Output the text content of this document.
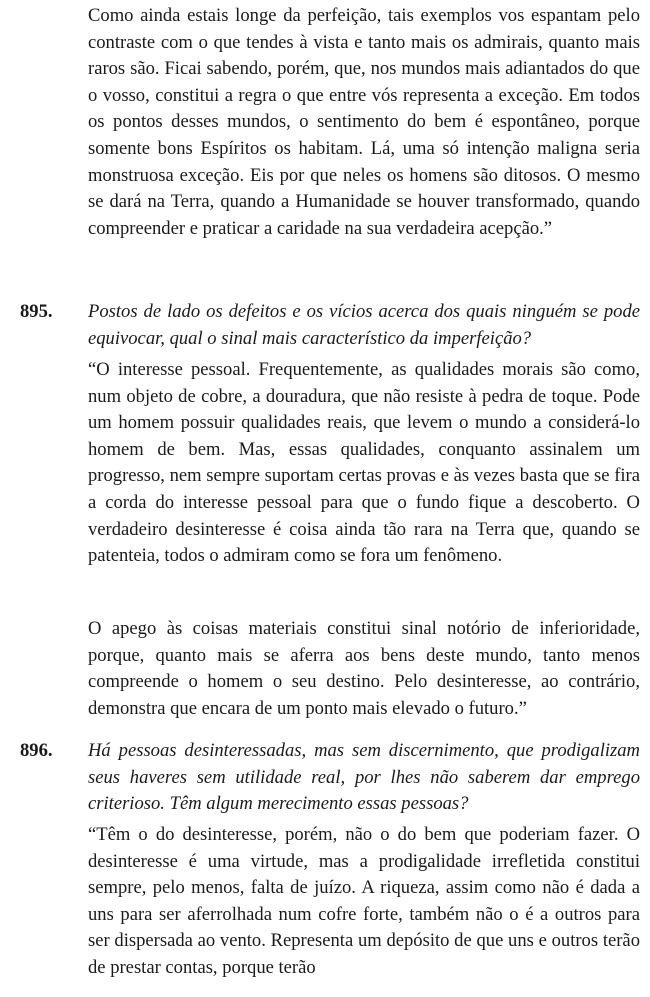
Como ainda estais longe da perfeição, tais exemplos vos espantam pelo contraste com o que tendes à vista e tanto mais os admirais, quanto mais raros são. Ficai sabendo, porém, que, nos mundos mais adiantados do que o vosso, constitui a regra o que entre vós representa a exceção. Em todos os pontos desses mundos, o sentimento do bem é espontâneo, porque somente bons Espíritos os habitam. Lá, uma só intenção maligna seria monstruosa exceção. Eis por que neles os homens são ditosos. O mesmo se dará na Terra, quando a Humanidade se houver transformado, quando compreender e praticar a caridade na sua verdadeira acepção.”

895. Postos de lado os defeitos e os vícios acerca dos quais ninguém se pode equivocar, qual o sinal mais característico da imperfeição?

“O interesse pessoal. Frequentemente, as qualidades morais são como, num objeto de cobre, a douradura, que não resiste à pedra de toque. Pode um homem possuir qualidades reais, que levem o mundo a considerá-lo homem de bem. Mas, essas qualidades, conquanto assinalem um progresso, nem sempre suportam certas provas e às vezes basta que se fira a corda do interesse pessoal para que o fundo fique a descoberto. O verdadeiro desinteresse é coisa ainda tão rara na Terra que, quando se patenteia, todos o admiram como se fora um fenômeno.

O apego às coisas materiais constitui sinal notório de inferioridade, porque, quanto mais se aferra aos bens deste mundo, tanto menos compreende o homem o seu destino. Pelo desinteresse, ao contrário, demonstra que encara de um ponto mais elevado o futuro.”

896. Há pessoas desinteressadas, mas sem discernimento, que prodigalizam seus haveres sem utilidade real, por lhes não saberem dar emprego criterioso. Têm algum merecimento essas pessoas?

“Têm o do desinteresse, porém, não o do bem que poderiam fazer. O desinteresse é uma virtude, mas a prodigalidade irrefletida constitui sempre, pelo menos, falta de juízo. A riqueza, assim como não é dada a uns para ser aferrolhada num cofre forte, também não o é a outros para ser dispersada ao vento. Representa um depósito de que uns e outros terão de prestar contas, porque terão
